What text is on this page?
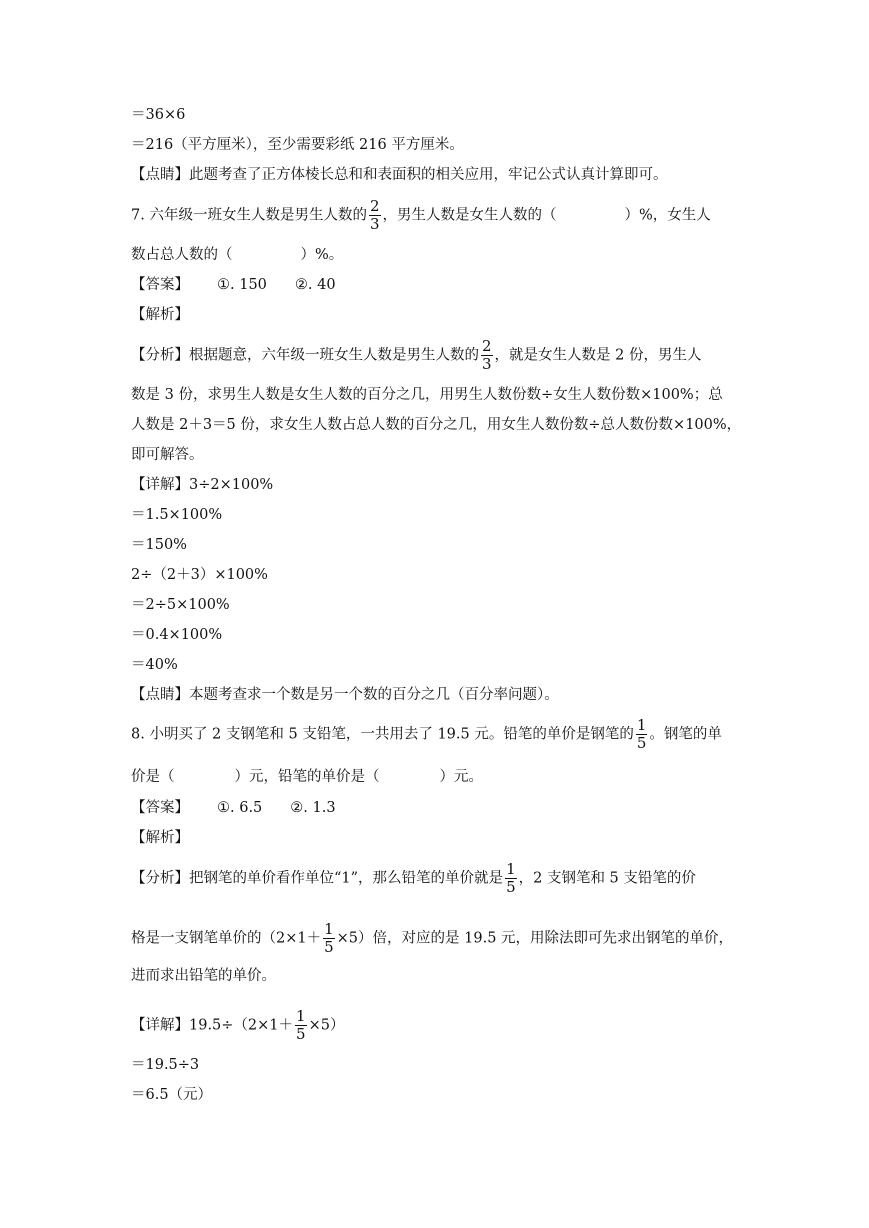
＝36×6
＝216（平方厘米），至少需要彩纸 216 平方厘米。
【点睛】此题考查了正方体棱长总和和表面积的相关应用，牢记公式认真计算即可。
7. 六年级一班女生人数是男生人数的 $\frac{2}{3}$ ，男生人数是女生人数的（	）%，女生人
数占总人数的（	）%。
【答案】 ①. 150 ②. 40
【解析】
【分析】根据题意，六年级一班女生人数是男生人数的 $\frac{2}{3}$ ，就是女生人数是 2 份，男生人
数是 3 份，求男生人数是女生人数的百分之几，用男生人数份数÷女生人数份数×100%；总
人数是 2＋3＝5 份，求女生人数占总人数的百分之几，用女生人数份数÷总人数份数×100%，
即可解答。
【详解】3÷2×100%
＝1.5×100%
＝150%
2÷（2＋3）×100%
＝2÷5×100%
＝0.4×100%
＝40%
【点睛】本题考查求一个数是另一个数的百分之几（百分率问题）。
8. 小明买了 2 支钢笔和 5 支铅笔，一共用去了 19.5 元。铅笔的单价是钢笔的 $\frac{1}{5}$ 。钢笔的单
价是（	）元，铅笔的单价是（	）元。
【答案】 ①. 6.5 ②. 1.3
【解析】
【分析】把钢笔的单价看作单位“1”，那么铅笔的单价就是 $\frac{1}{5}$ ，2 支钢笔和 5 支铅笔的价
格是一支钢笔单价的$(2\times 1+ \frac{1}{5} \times 5)$倍，对应的是 19.5 元，用除法即可先求出钢笔的单价，
进而求出铅笔的单价。
【详解】$19.5\div(2\times 1+ \frac{1}{5} \times 5)$
＝19.5÷3
＝6.5（元）
